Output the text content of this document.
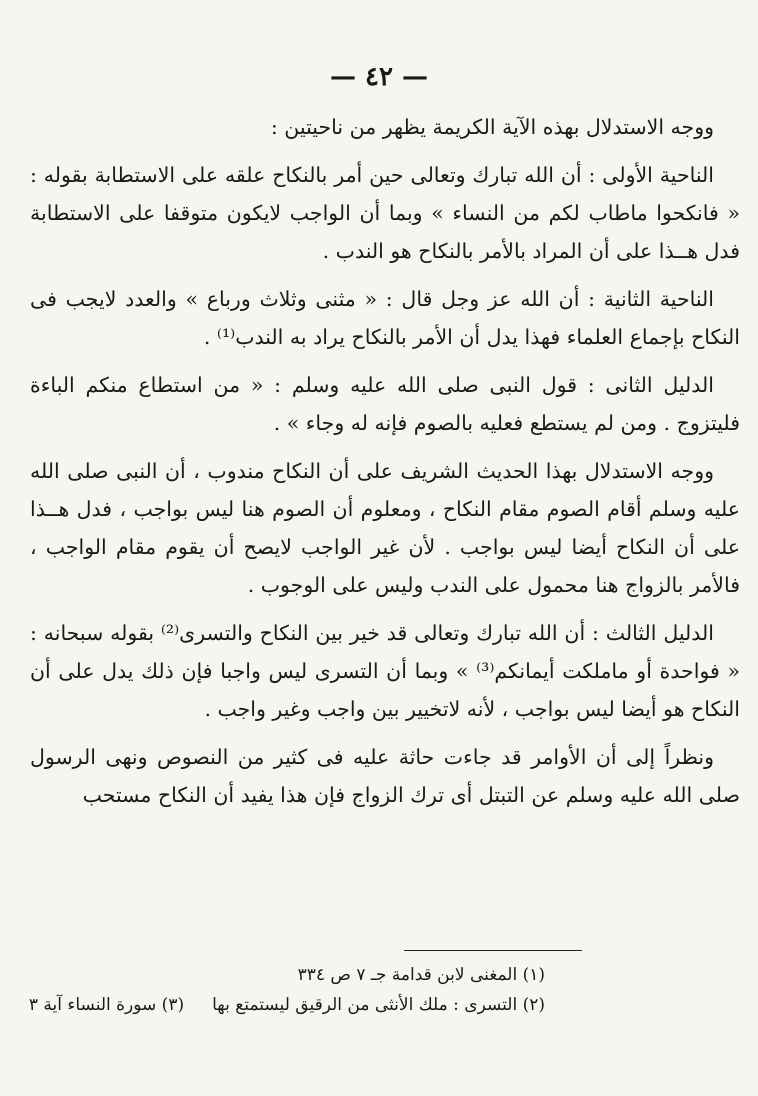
— ٤٢ —

ووجه الاستدلال بهذه الآية الكريمة يظهر من ناحيتين :

الناحية الأولى : أن الله تبارك وتعالى حين أمر بالنكاح علقه على الاستطابة بقوله : « فانكحوا ماطاب لكم من النساء » وبما أن الواجب لايكون متوقفا على الاستطابة فدل هــذا على أن المراد بالأمر بالنكاح هو الندب .

الناحية الثانية : أن الله عز وجل قال : « مثنى وثلاث ورباع » والعدد لايجب فى النكاح بإجماع العلماء فهذا يدل أن الأمر بالنكاح يراد به الندب⁽¹⁾ .

الدليل الثانى : قول النبى صلى الله عليه وسلم : « من استطاع منكم الباءة فليتزوج . ومن لم يستطع فعليه بالصوم فإنه له وجاء » .

ووجه الاستدلال بهذا الحديث الشريف على أن النكاح مندوب ، أن النبى صلى الله عليه وسلم أقام الصوم مقام النكاح ، ومعلوم أن الصوم هنا ليس بواجب ، فدل هــذا على أن النكاح أيضا ليس بواجب . لأن غير الواجب لايصح أن يقوم مقام الواجب ، فالأمر بالزواج هنا محمول على الندب وليس على الوجوب .

الدليل الثالث : أن الله تبارك وتعالى قد خير بين النكاح والتسرى⁽²⁾ بقوله سبحانه : « فواحدة أو ماملكت أيمانكم⁽³⁾ » وبما أن التسرى ليس واجبا فإن ذلك يدل على أن النكاح هو أيضا ليس بواجب ، لأنه لاتخيير بين واجب وغير واجب .

ونظراً إلى أن الأوامر قد جاءت حاثة عليه فى كثير من النصوص ونهى الرسول صلى الله عليه وسلم عن التبتل أى ترك الزواج فإن هذا يفيد أن النكاح مستحب

(١) المغنى لابن قدامة جـ ٧ ص ٣٣٤

(٢) التسرى : ملك الأنثى من الرقيق ليستمتع بها(٣) سورة النساء آية ٣
